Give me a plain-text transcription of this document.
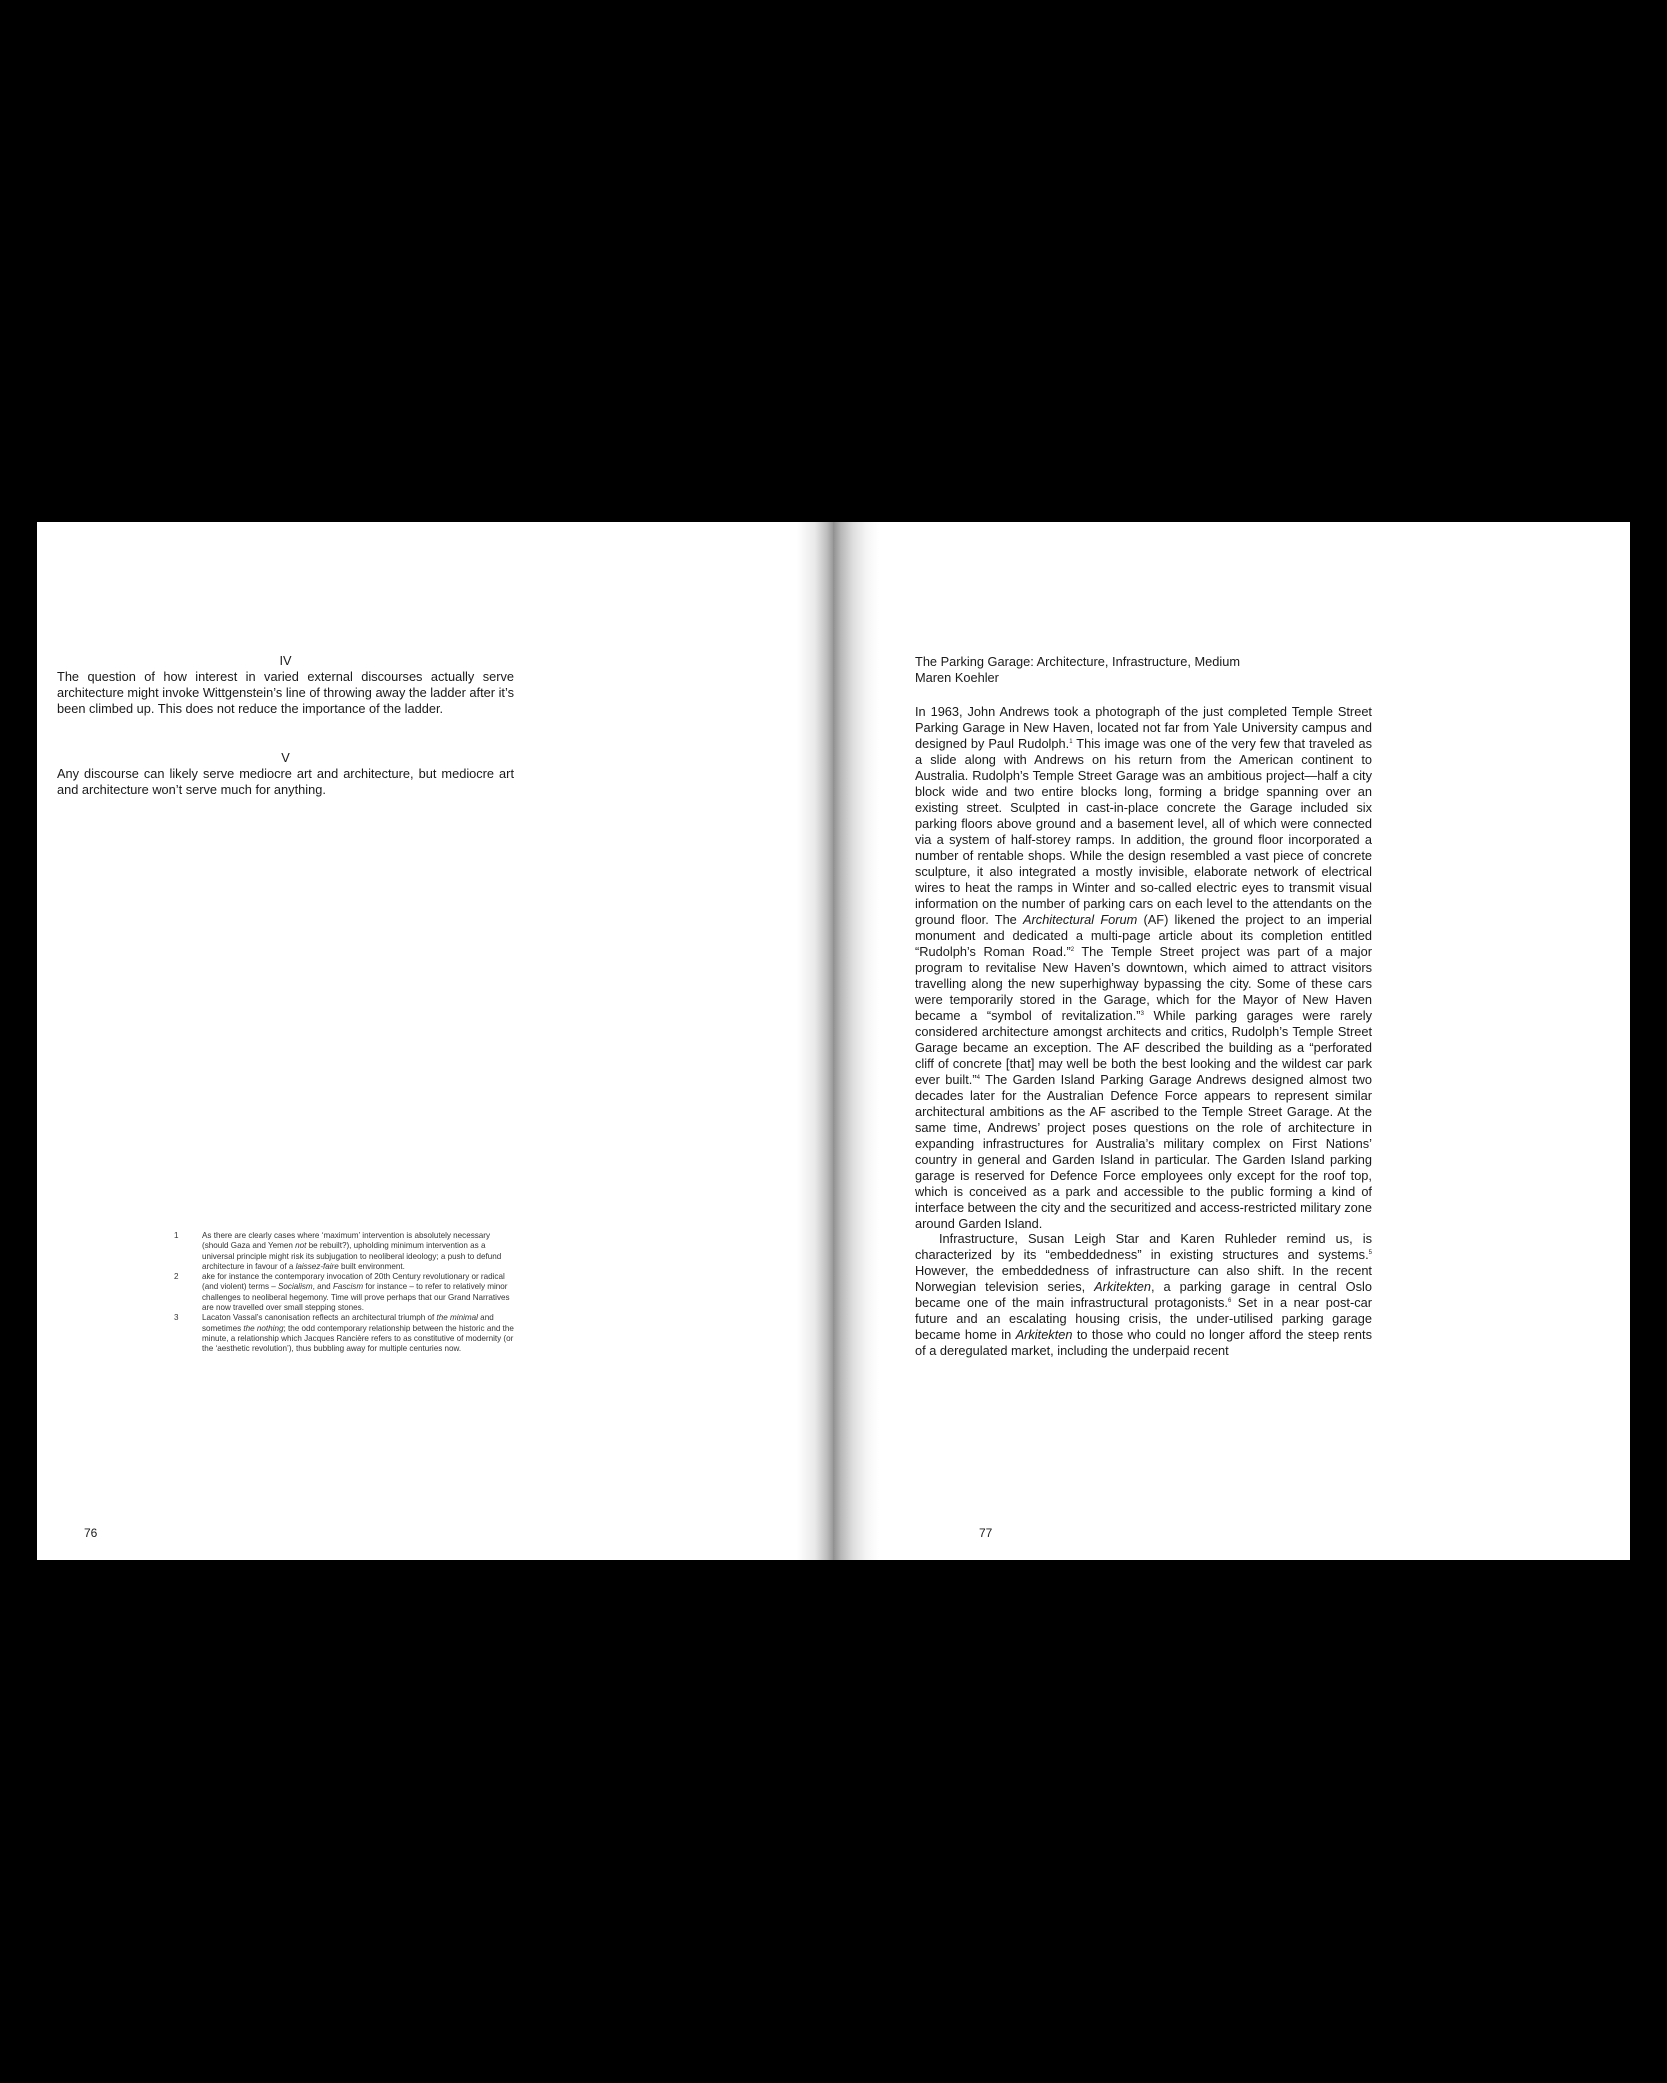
IV

The question of how interest in varied external discourses actually serve architecture might invoke Wittgenstein’s line of throwing away the ladder after it’s been climbed up. This does not reduce the importance of the ladder.

V

Any discourse can likely serve mediocre art and architecture, but mediocre art and architecture won’t serve much for anything.

1	As there are clearly cases where ‘maximum’ intervention is absolutely necessary (should Gaza and Yemen not be rebuilt?), upholding minimum intervention as a universal principle might risk its subjugation to neoliberal ideology; a push to defund architecture in favour of a laissez-faire built environment.
2	ake for instance the contemporary invocation of 20th Century revolutionary or radical (and violent) terms – Socialism, and Fascism for instance – to refer to relatively minor challenges to neoliberal hegemony. Time will prove perhaps that our Grand Narratives are now travelled over small stepping stones.
3	Lacaton Vassal’s canonisation reflects an architectural triumph of the minimal and sometimes the nothing; the odd contemporary relationship between the historic and the minute, a relationship which Jacques Rancière refers to as constitutive of modernity (or the ‘aesthetic revolution’), thus bubbling away for multiple centuries now.
76
The Parking Garage: Architecture, Infrastructure, Medium
Maren Koehler

In 1963, John Andrews took a photograph of the just completed Temple Street Parking Garage in New Haven, located not far from Yale University campus and designed by Paul Rudolph.$^1$ This image was one of the very few that traveled as a slide along with Andrews on his return from the American continent to Australia. Rudolph’s Temple Street Garage was an ambitious project—half a city block wide and two entire blocks long, forming a bridge spanning over an existing street. Sculpted in cast-in-place concrete the Garage included six parking floors above ground and a basement level, all of which were connected via a system of half-storey ramps. In addition, the ground floor incorporated a number of rentable shops. While the design resembled a vast piece of concrete sculpture, it also integrated a mostly invisible, elaborate network of electrical wires to heat the ramps in Winter and so-called electric eyes to transmit visual information on the number of parking cars on each level to the attendants on the ground floor. The Architectural Forum (AF) likened the project to an imperial monument and dedicated a multi-page article about its completion entitled “Rudolph’s Roman Road.”$^2$ The Temple Street project was part of a major program to revitalise New Haven’s downtown, which aimed to attract visitors travelling along the new superhighway bypassing the city. Some of these cars were temporarily stored in the Garage, which for the Mayor of New Haven became a “symbol of revitalization.”$^3$ While parking garages were rarely considered architecture amongst architects and critics, Rudolph’s Temple Street Garage became an exception. The AF described the building as a “perforated cliff of concrete [that] may well be both the best looking and the wildest car park ever built.”$^4$ The Garden Island Parking Garage Andrews designed almost two decades later for the Australian Defence Force appears to represent similar architectural ambitions as the AF ascribed to the Temple Street Garage. At the same time, Andrews’ project poses questions on the role of architecture in expanding infrastructures for Australia’s military complex on First Nations’ country in general and Garden Island in particular. The Garden Island parking garage is reserved for Defence Force employees only except for the roof top, which is conceived as a park and accessible to the public forming a kind of interface between the city and the securitized and access-restricted military zone around Garden Island.

Infrastructure, Susan Leigh Star and Karen Ruhleder remind us, is characterized by its “embeddedness” in existing structures and systems.$^5$ However, the embeddedness of infrastructure can also shift. In the recent Norwegian television series, Arkitekten, a parking garage in central Oslo became one of the main infrastructural protagonists.$^6$ Set in a near post-car future and an escalating housing crisis, the under-utilised parking garage became home in Arkitekten to those who could no longer afford the steep rents of a deregulated market, including the underpaid recent

77
